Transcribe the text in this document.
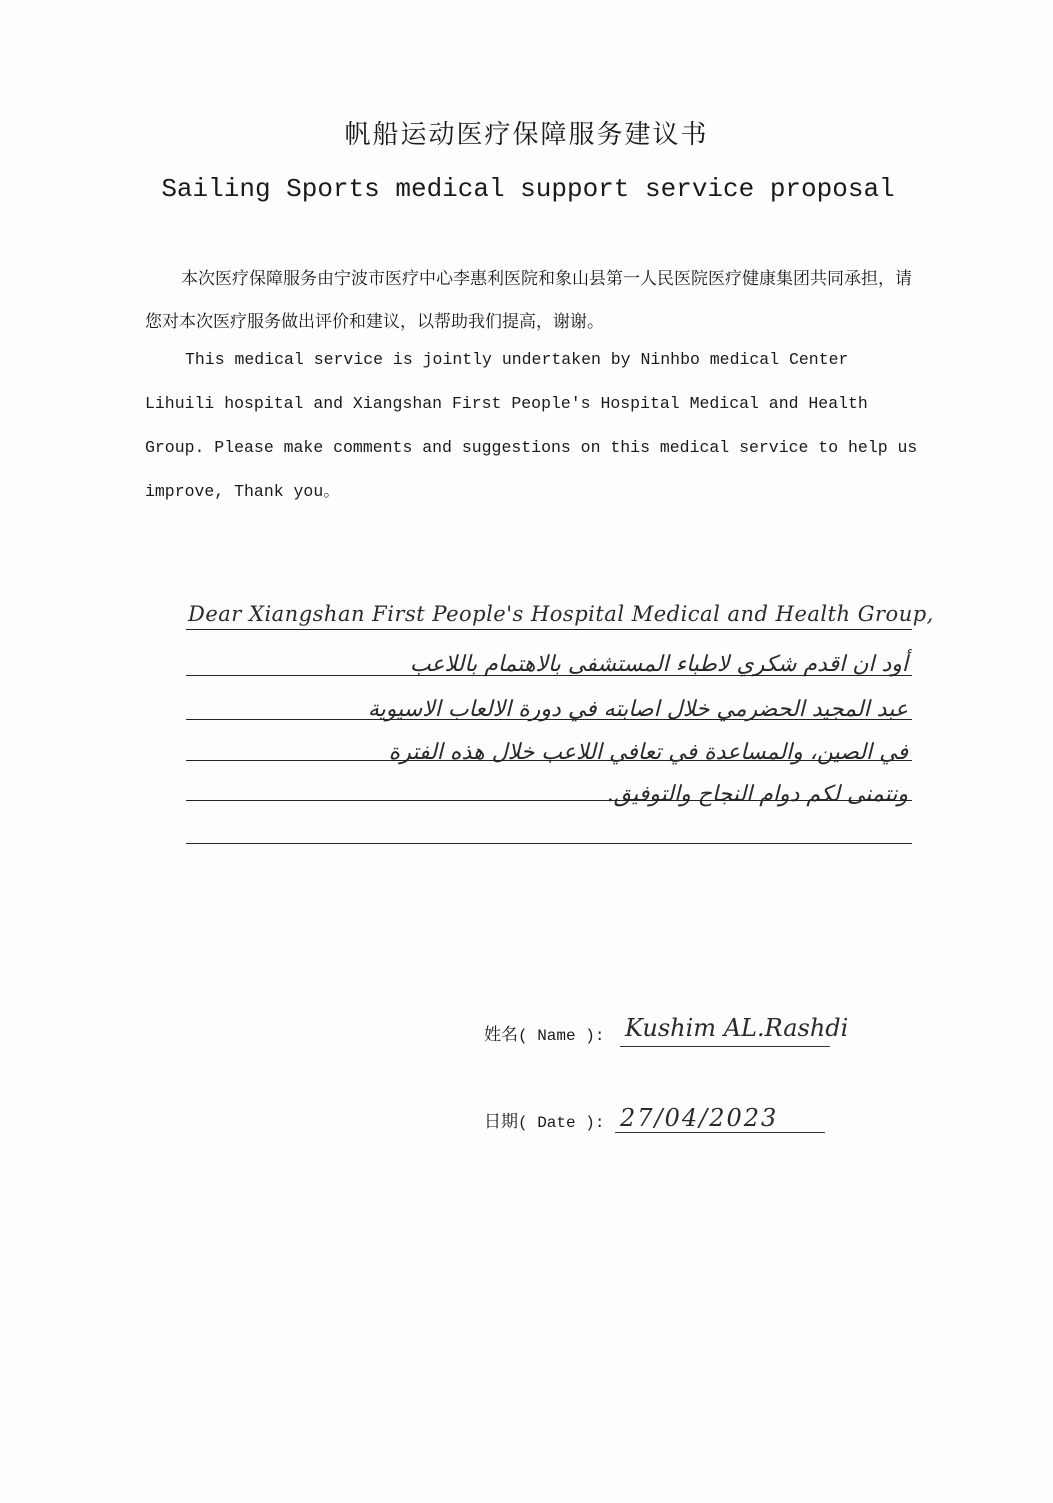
帆船运动医疗保障服务建议书
Sailing Sports medical support service proposal

本次医疗保障服务由宁波市医疗中心李惠利医院和象山县第一人民医院医疗健康集团共同承担，请您对本次医疗服务做出评价和建议，以帮助我们提高，谢谢。

This medical service is jointly undertaken by Ninhbo medical Center Lihuili hospital and Xiangshan First People's Hospital Medical and Health Group. Please make comments and suggestions on this medical service to help us improve, Thank you。

Dear Xiangshan First People's Hospital Medical and Health Group,
أود ان اقدم شكري لاطباء المستشفى بالاهتمام باللاعب
عبد المجيد الحضرمي خلال اصابته في دورة الالعاب الاسيوية
في الصين، والمساعدة في تعافي اللاعب خلال هذه الفترة
ونتمنى لكم دوام النجاح والتوفيق.
姓名( Name ): Kushim AL.Rashdi
日期( Date ): 27/04/2023
